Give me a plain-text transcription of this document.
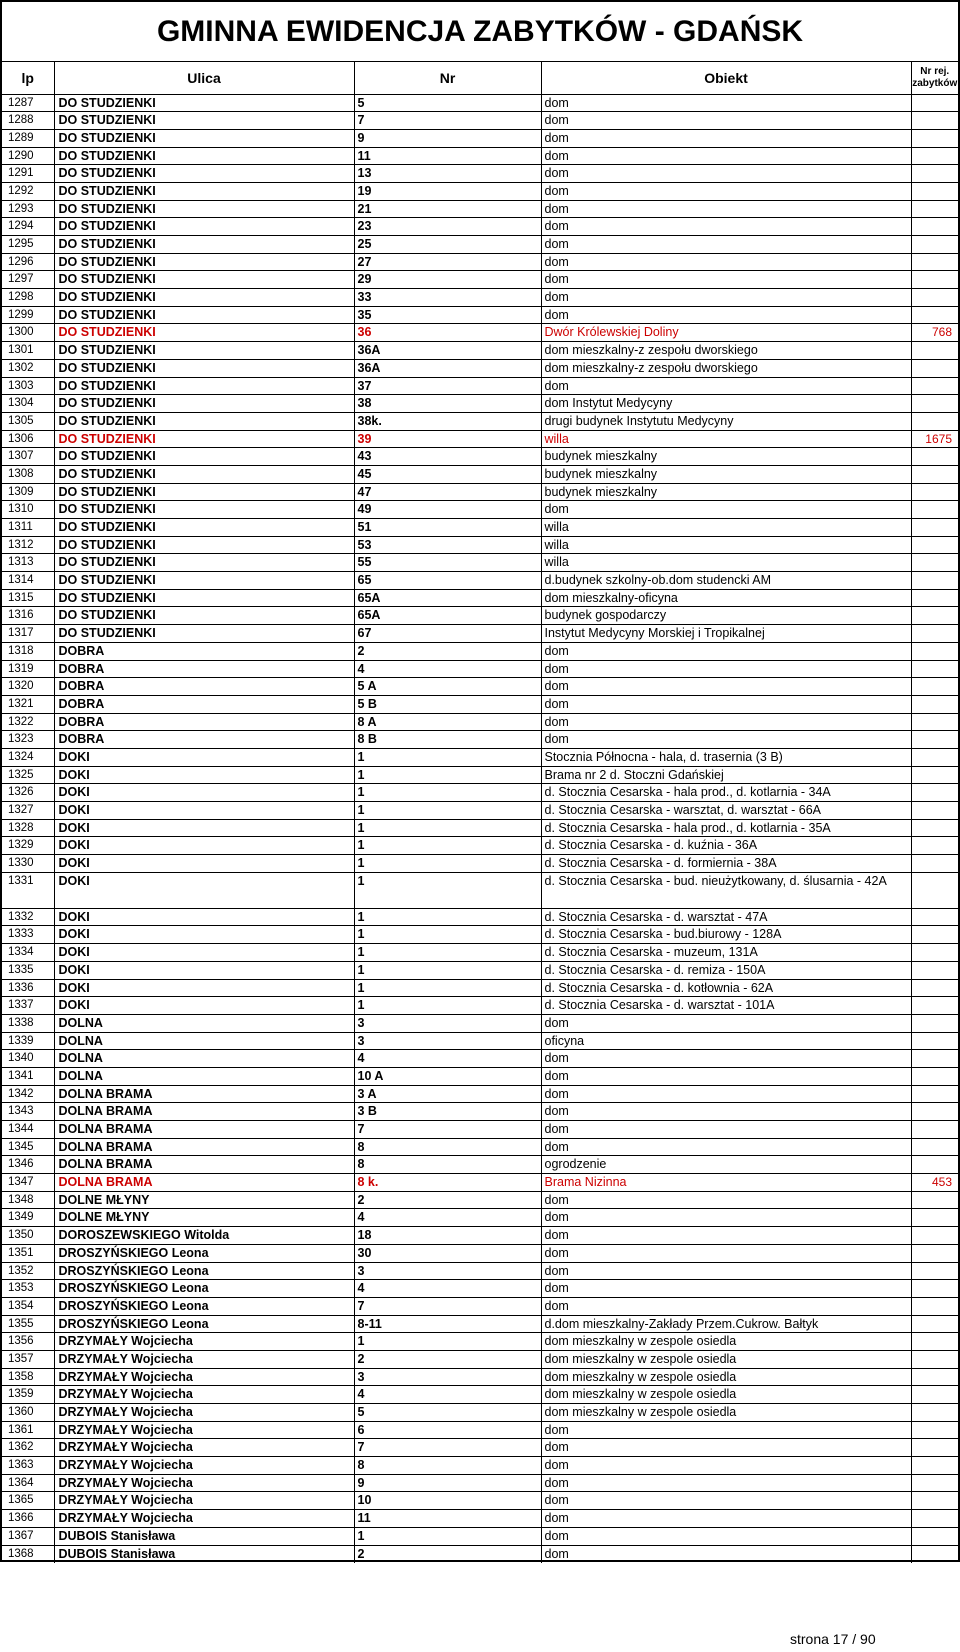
GMINNA EWIDENCJA ZABYTKÓW - GDAŃSK
lp	Ulica	Nr	Obiekt	Nr rej. zabytków
1287	DO STUDZIENKI	5	dom	
1288	DO STUDZIENKI	7	dom	
1289	DO STUDZIENKI	9	dom	
1290	DO STUDZIENKI	11	dom	
1291	DO STUDZIENKI	13	dom	
1292	DO STUDZIENKI	19	dom	
1293	DO STUDZIENKI	21	dom	
1294	DO STUDZIENKI	23	dom	
1295	DO STUDZIENKI	25	dom	
1296	DO STUDZIENKI	27	dom	
1297	DO STUDZIENKI	29	dom	
1298	DO STUDZIENKI	33	dom	
1299	DO STUDZIENKI	35	dom	
1300	DO STUDZIENKI	36	Dwór Królewskiej Doliny	768
1301	DO STUDZIENKI	36A	dom mieszkalny-z zespołu dworskiego	
1302	DO STUDZIENKI	36A	dom mieszkalny-z zespołu dworskiego	
1303	DO STUDZIENKI	37	dom	
1304	DO STUDZIENKI	38	dom Instytut Medycyny	
1305	DO STUDZIENKI	38k.	drugi budynek Instytutu Medycyny	
1306	DO STUDZIENKI	39	willa	1675
1307	DO STUDZIENKI	43	budynek mieszkalny	
1308	DO STUDZIENKI	45	budynek mieszkalny	
1309	DO STUDZIENKI	47	budynek mieszkalny	
1310	DO STUDZIENKI	49	dom	
1311	DO STUDZIENKI	51	willa	
1312	DO STUDZIENKI	53	willa	
1313	DO STUDZIENKI	55	willa	
1314	DO STUDZIENKI	65	d.budynek szkolny-ob.dom studencki AM	
1315	DO STUDZIENKI	65A	dom mieszkalny-oficyna	
1316	DO STUDZIENKI	65A	budynek gospodarczy	
1317	DO STUDZIENKI	67	Instytut Medycyny Morskiej i Tropikalnej	
1318	DOBRA	2	dom	
1319	DOBRA	4	dom	
1320	DOBRA	5 A	dom	
1321	DOBRA	5 B	dom	
1322	DOBRA	8 A	dom	
1323	DOBRA	8 B	dom	
1324	DOKI	1	Stocznia Północna - hala, d. trasernia (3 B)	
1325	DOKI	1	Brama nr 2 d. Stoczni Gdańskiej	
1326	DOKI	1	d. Stocznia Cesarska - hala prod., d. kotlarnia - 34A	
1327	DOKI	1	d. Stocznia Cesarska - warsztat, d. warsztat - 66A	
1328	DOKI	1	d. Stocznia Cesarska - hala prod., d. kotlarnia - 35A	
1329	DOKI	1	d. Stocznia Cesarska - d. kuźnia - 36A	
1330	DOKI	1	d. Stocznia Cesarska - d. formiernia - 38A	
1331	DOKI	1	d. Stocznia Cesarska - bud. nieużytkowany, d. ślusarnia - 42A	
1332	DOKI	1	d. Stocznia Cesarska - d. warsztat - 47A	
1333	DOKI	1	d. Stocznia Cesarska - bud.biurowy - 128A	
1334	DOKI	1	d. Stocznia Cesarska - muzeum, 131A	
1335	DOKI	1	d. Stocznia Cesarska - d. remiza - 150A	
1336	DOKI	1	d. Stocznia Cesarska - d. kotłownia - 62A	
1337	DOKI	1	d. Stocznia Cesarska - d. warsztat - 101A	
1338	DOLNA	3	dom	
1339	DOLNA	3	oficyna	
1340	DOLNA	4	dom	
1341	DOLNA	10 A	dom	
1342	DOLNA BRAMA	3 A	dom	
1343	DOLNA BRAMA	3 B	dom	
1344	DOLNA BRAMA	7	dom	
1345	DOLNA BRAMA	8	dom	
1346	DOLNA BRAMA	8	ogrodzenie	
1347	DOLNA BRAMA	8 k.	Brama Nizinna	453
1348	DOLNE MŁYNY	2	dom	
1349	DOLNE MŁYNY	4	dom	
1350	DOROSZEWSKIEGO Witolda	18	dom	
1351	DROSZYŃSKIEGO Leona	30	dom	
1352	DROSZYŃSKIEGO Leona	3	dom	
1353	DROSZYŃSKIEGO Leona	4	dom	
1354	DROSZYŃSKIEGO Leona	7	dom	
1355	DROSZYŃSKIEGO Leona	8-11	d.dom mieszkalny-Zakłady Przem.Cukrow. Bałtyk	
1356	DRZYMAŁY Wojciecha	1	dom mieszkalny w zespole osiedla	
1357	DRZYMAŁY Wojciecha	2	dom mieszkalny w zespole osiedla	
1358	DRZYMAŁY Wojciecha	3	dom mieszkalny w zespole osiedla	
1359	DRZYMAŁY Wojciecha	4	dom mieszkalny w zespole osiedla	
1360	DRZYMAŁY Wojciecha	5	dom mieszkalny w zespole osiedla	
1361	DRZYMAŁY Wojciecha	6	dom	
1362	DRZYMAŁY Wojciecha	7	dom	
1363	DRZYMAŁY Wojciecha	8	dom	
1364	DRZYMAŁY Wojciecha	9	dom	
1365	DRZYMAŁY Wojciecha	10	dom	
1366	DRZYMAŁY Wojciecha	11	dom	
1367	DUBOIS Stanisława	1	dom	
1368	DUBOIS Stanisława	2	dom	
strona 17 / 90
